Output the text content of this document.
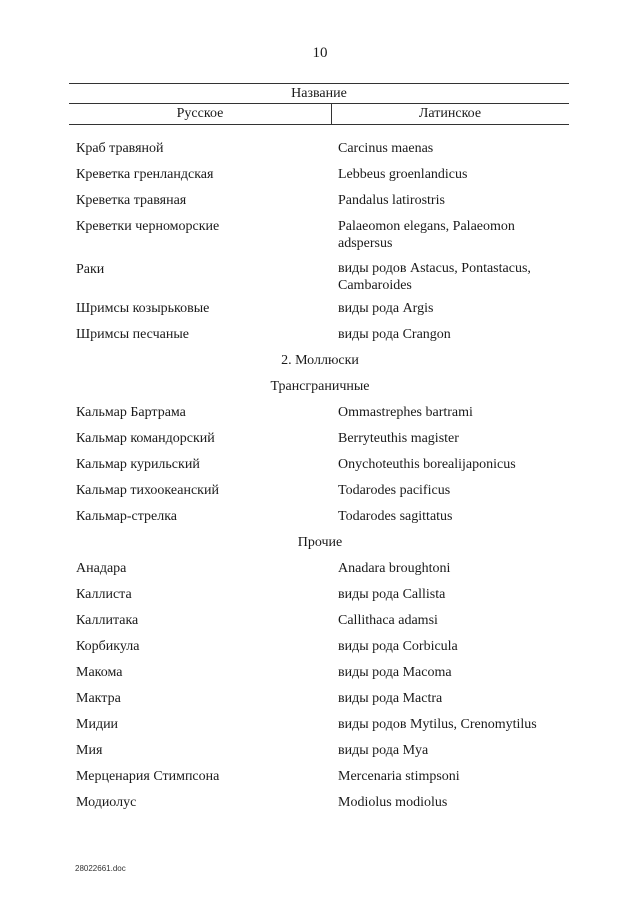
10
Название
Русское	Латинское
Краб травяной	Carcinus maenas
Креветка гренландская	Lebbeus groenlandicus
Креветка травяная	Pandalus latirostris
Креветки черноморские	Palaeomon elegans, Palaeomon adspersus
Раки	виды родов Astacus, Pontastacus, Cambaroides
Шримсы козырьковые	виды рода Argis
Шримсы песчаные	виды рода Crangon
2. Моллюски
Трансграничные
Кальмар Бартрама	Ommastrephes bartrami
Кальмар командорский	Berryteuthis magister
Кальмар курильский	Onychoteuthis borealijaponicus
Кальмар тихоокеанский	Todarodes pacificus
Кальмар-стрелка	Todarodes sagittatus
Прочие
Анадара	Anadara broughtoni
Каллиста	виды рода Callista
Каллитака	Callithaca adamsi
Корбикула	виды рода Corbicula
Макома	виды рода Macoma
Мактра	виды рода Mactra
Мидии	виды родов Mytilus, Crenomytilus
Мия	виды рода Mya
Мерценария Стимпсона	Mercenaria stimpsoni
Модиолус	Modiolus modiolus
28022661.doc
